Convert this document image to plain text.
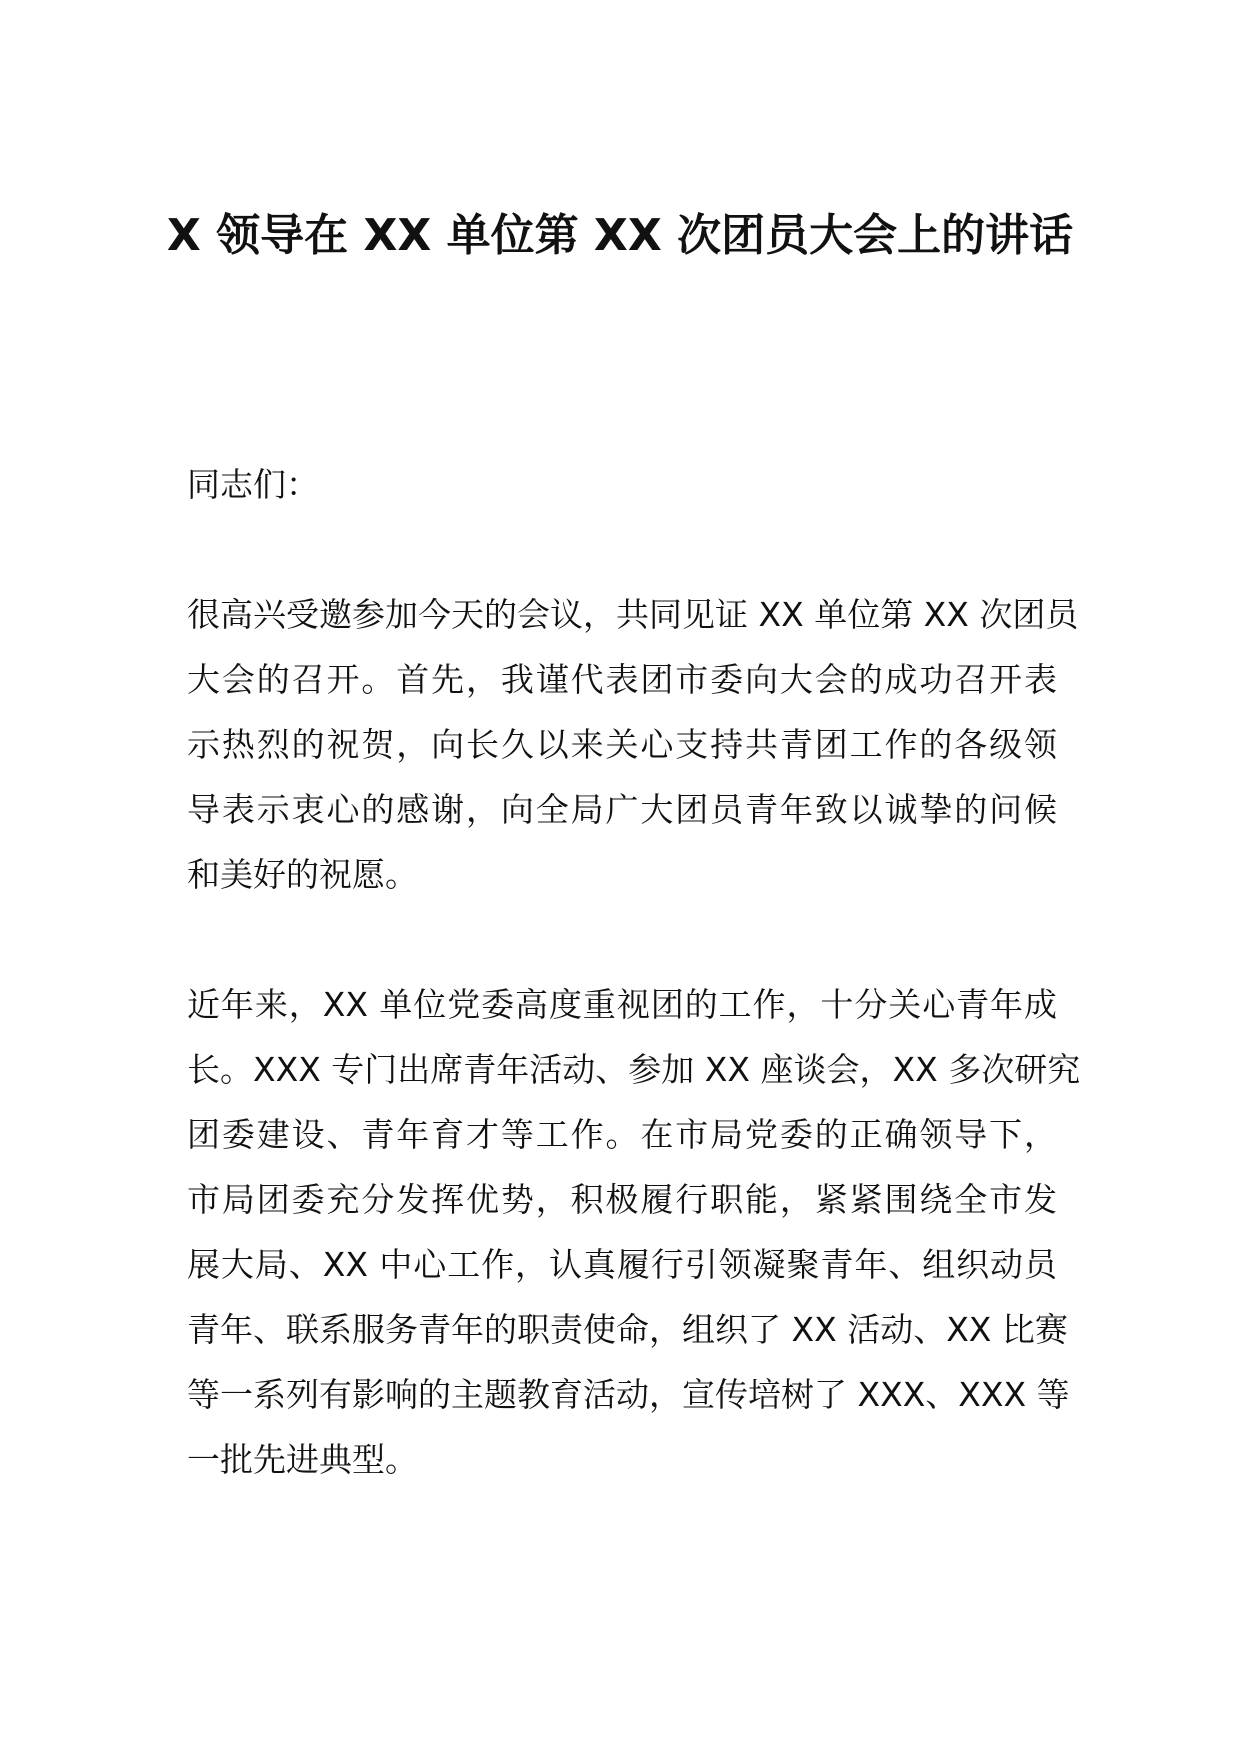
X 领导在 XX 单位第 XX 次团员大会上的讲话

同志们：

很高兴受邀参加今天的会议，共同见证 XX 单位第 XX 次团员
大会的召开。首先，我谨代表团市委向大会的成功召开表
示热烈的祝贺，向长久以来关心支持共青团工作的各级领
导表示衷心的感谢，向全局广大团员青年致以诚挚的问候
和美好的祝愿。

近年来，XX 单位党委高度重视团的工作，十分关心青年成
长。XXX 专门出席青年活动、参加 XX 座谈会，XX 多次研究
团委建设、青年育才等工作。在市局党委的正确领导下，
市局团委充分发挥优势，积极履行职能，紧紧围绕全市发
展大局、XX 中心工作，认真履行引领凝聚青年、组织动员
青年、联系服务青年的职责使命，组织了 XX 活动、XX 比赛
等一系列有影响的主题教育活动，宣传培树了 XXX、XXX 等
一批先进典型。
